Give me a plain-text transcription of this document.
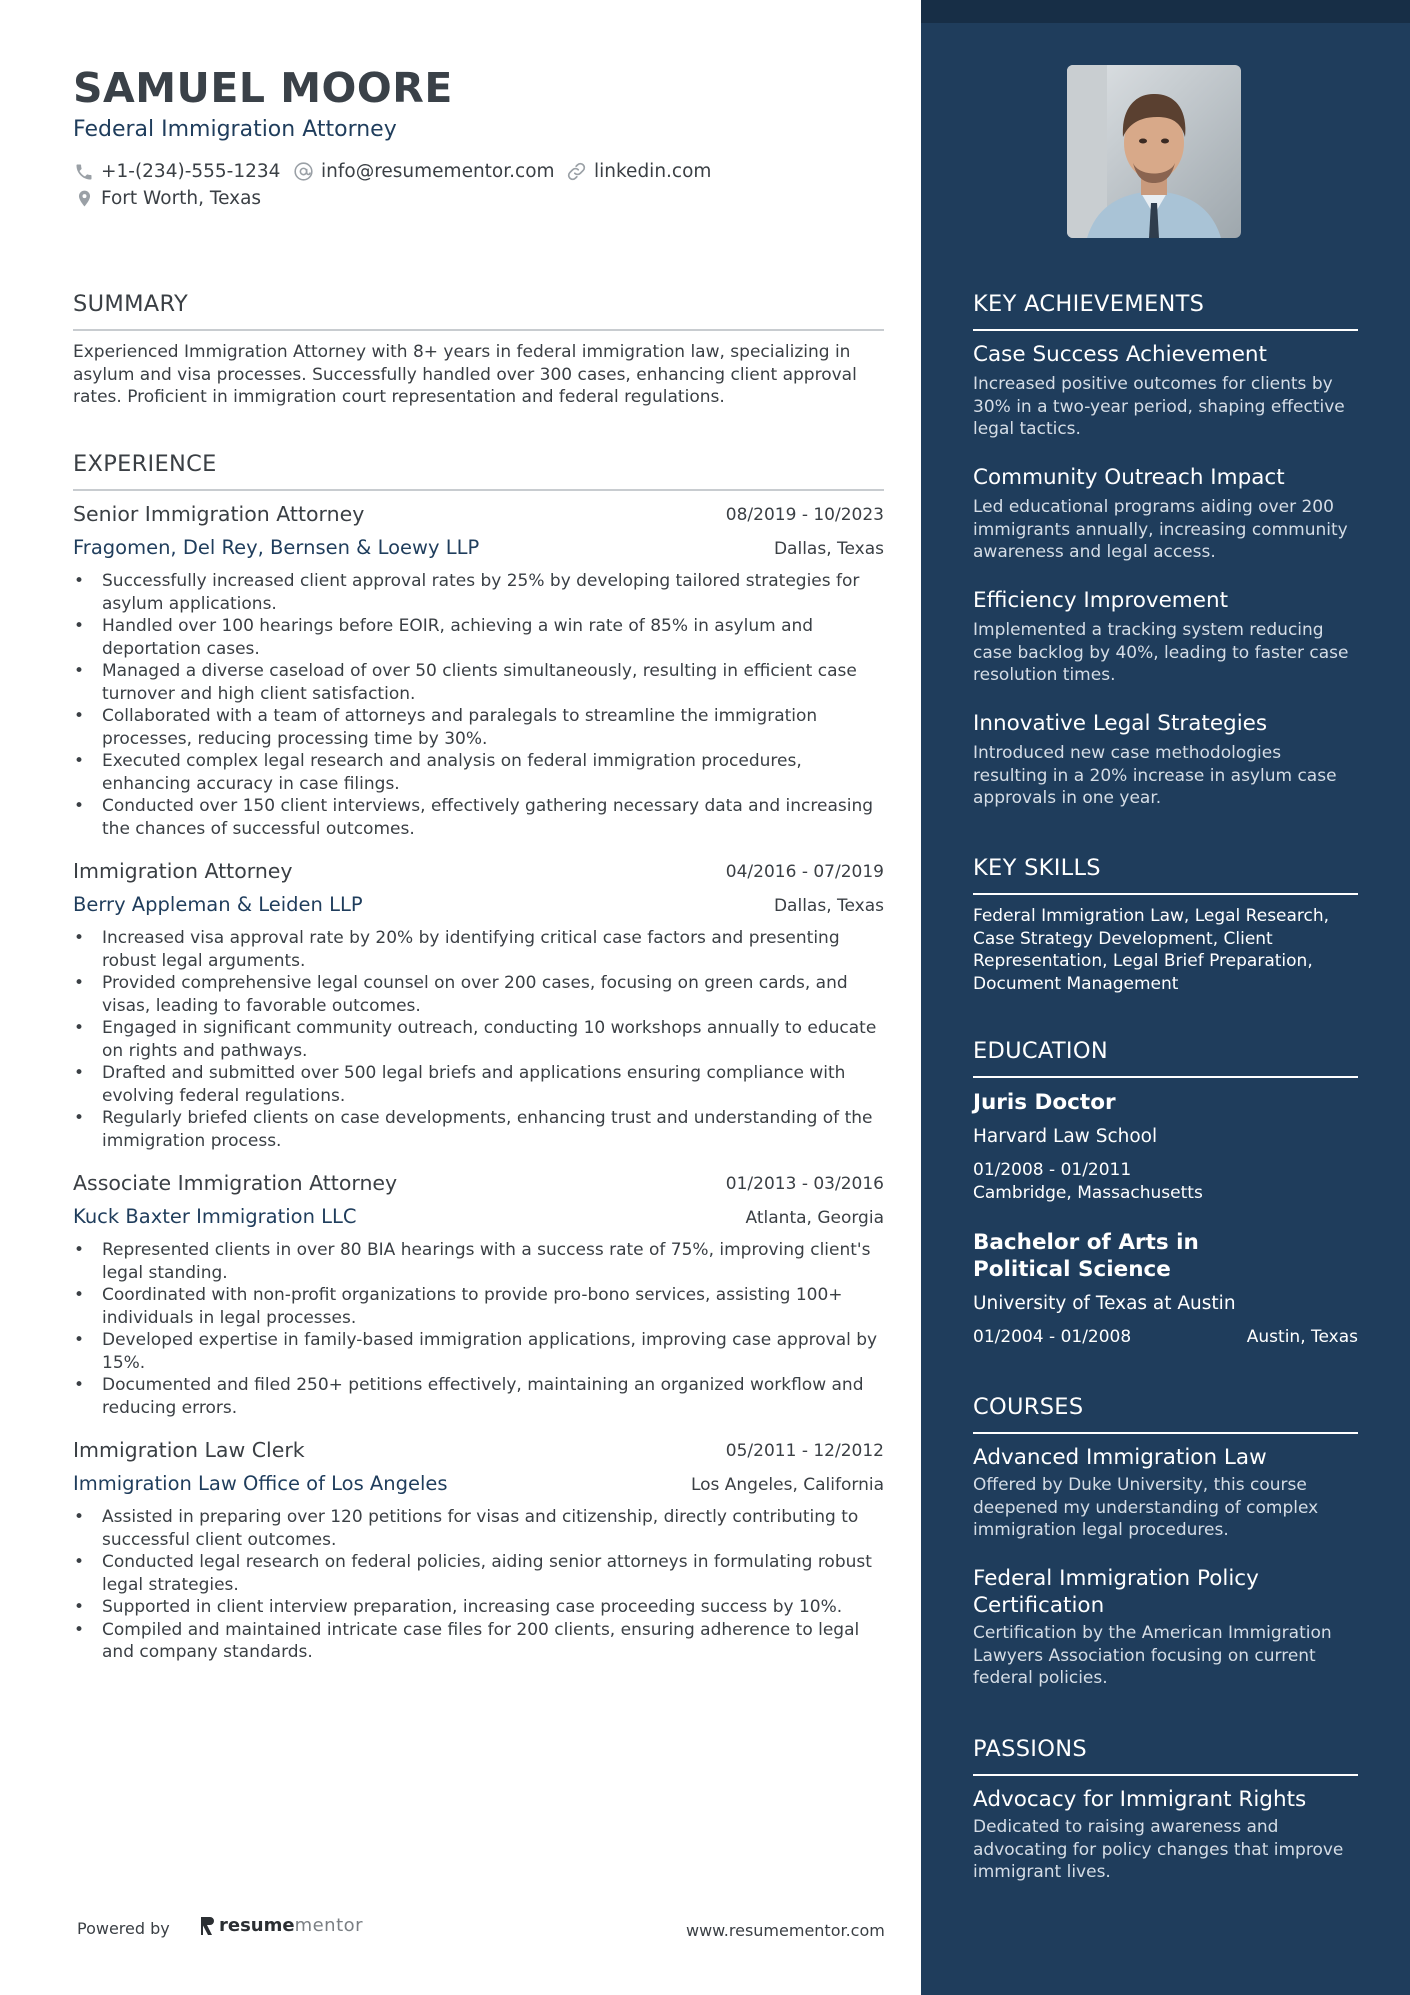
SAMUEL MOORE
Federal Immigration Attorney
+1-(234)-555-1234 info@resumementor.com linkedin.com
Fort Worth, Texas
SUMMARY
Experienced Immigration Attorney with 8+ years in federal immigration law, specializing in asylum and visa processes. Successfully handled over 300 cases, enhancing client approval rates. Proficient in immigration court representation and federal regulations.
EXPERIENCE
Senior Immigration Attorney	08/2019 - 10/2023
Fragomen, Del Rey, Bernsen & Loewy LLP	Dallas, Texas
• Successfully increased client approval rates by 25% by developing tailored strategies for asylum applications.
• Handled over 100 hearings before EOIR, achieving a win rate of 85% in asylum and deportation cases.
• Managed a diverse caseload of over 50 clients simultaneously, resulting in efficient case turnover and high client satisfaction.
• Collaborated with a team of attorneys and paralegals to streamline the immigration processes, reducing processing time by 30%.
• Executed complex legal research and analysis on federal immigration procedures, enhancing accuracy in case filings.
• Conducted over 150 client interviews, effectively gathering necessary data and increasing the chances of successful outcomes.
Immigration Attorney	04/2016 - 07/2019
Berry Appleman & Leiden LLP	Dallas, Texas
• Increased visa approval rate by 20% by identifying critical case factors and presenting robust legal arguments.
• Provided comprehensive legal counsel on over 200 cases, focusing on green cards, and visas, leading to favorable outcomes.
• Engaged in significant community outreach, conducting 10 workshops annually to educate on rights and pathways.
• Drafted and submitted over 500 legal briefs and applications ensuring compliance with evolving federal regulations.
• Regularly briefed clients on case developments, enhancing trust and understanding of the immigration process.
Associate Immigration Attorney	01/2013 - 03/2016
Kuck Baxter Immigration LLC	Atlanta, Georgia
• Represented clients in over 80 BIA hearings with a success rate of 75%, improving client's legal standing.
• Coordinated with non-profit organizations to provide pro-bono services, assisting 100+ individuals in legal processes.
• Developed expertise in family-based immigration applications, improving case approval by 15%.
• Documented and filed 250+ petitions effectively, maintaining an organized workflow and reducing errors.
Immigration Law Clerk	05/2011 - 12/2012
Immigration Law Office of Los Angeles	Los Angeles, California
• Assisted in preparing over 120 petitions for visas and citizenship, directly contributing to successful client outcomes.
• Conducted legal research on federal policies, aiding senior attorneys in formulating robust legal strategies.
• Supported in client interview preparation, increasing case proceeding success by 10%.
• Compiled and maintained intricate case files for 200 clients, ensuring adherence to legal and company standards.
Powered by	resumementor	www.resumementor.com
KEY ACHIEVEMENTS
Case Success Achievement
Increased positive outcomes for clients by 30% in a two-year period, shaping effective legal tactics.
Community Outreach Impact
Led educational programs aiding over 200 immigrants annually, increasing community awareness and legal access.
Efficiency Improvement
Implemented a tracking system reducing case backlog by 40%, leading to faster case resolution times.
Innovative Legal Strategies
Introduced new case methodologies resulting in a 20% increase in asylum case approvals in one year.
KEY SKILLS
Federal Immigration Law, Legal Research, Case Strategy Development, Client Representation, Legal Brief Preparation, Document Management
EDUCATION
Juris Doctor
Harvard Law School
01/2008 - 01/2011
Cambridge, Massachusetts
Bachelor of Arts in Political Science
University of Texas at Austin
01/2004 - 01/2008	Austin, Texas
COURSES
Advanced Immigration Law
Offered by Duke University, this course deepened my understanding of complex immigration legal procedures.
Federal Immigration Policy Certification
Certification by the American Immigration Lawyers Association focusing on current federal policies.
PASSIONS
Advocacy for Immigrant Rights
Dedicated to raising awareness and advocating for policy changes that improve immigrant lives.
